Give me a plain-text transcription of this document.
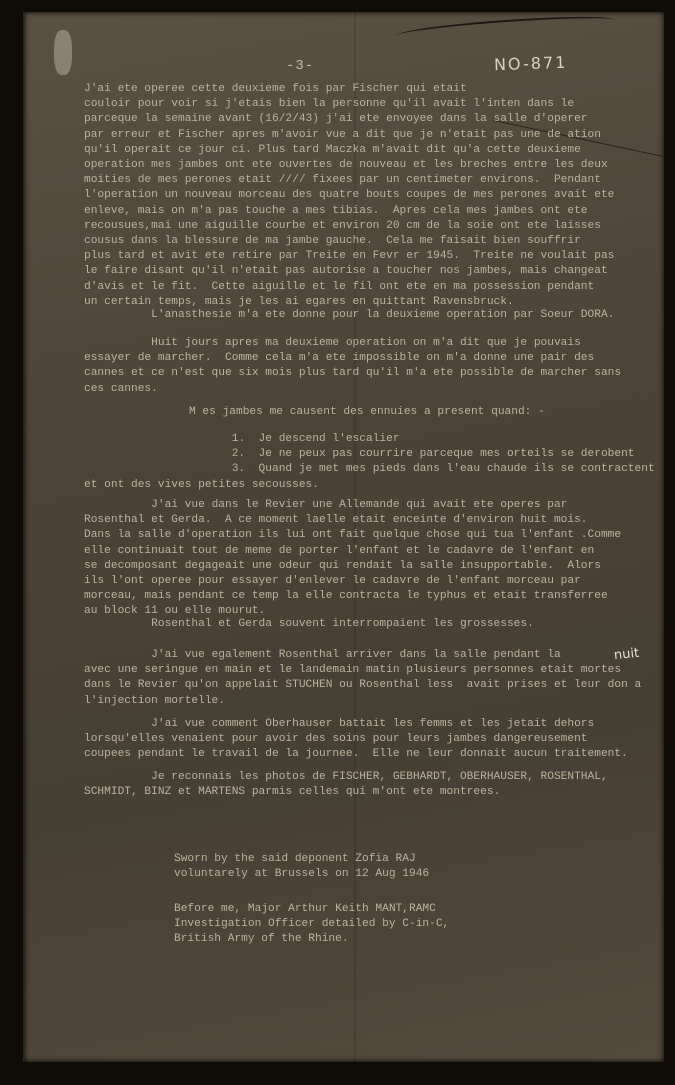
-3-	NO-871
J'ai ete operee cette deuxieme fois par Fischer qui etait
couloir pour voir si j'etais bien la personne qu'il avait l'inten dans le
parceque la semaine avant (16/2/43) j'ai ete envoyee dans la salle d'operer
par erreur et Fischer apres m'avoir vue a dit que je n'etait pas une de ation
qu'il operait ce jour ci. Plus tard Maczka m'avait dit qu'a cette deuxieme
operation mes jambes ont ete ouvertes de nouveau et les breches entre les deux
moities de mes perones etait //// fixees par un centimeter environs.  Pendant
l'operation un nouveau morceau des quatre bouts coupes de mes perones avait ete
enleve, mais on m'a pas touche a mes tibias.  Apres cela mes jambes ont ete
recousues,mai une aiguille courbe et environ 20 cm de la soie ont ete laisses
cousus dans la blessure de ma jambe gauche.  Cela me faisait bien souffrir
plus tard et avit ete retire par Treite en Fevr er 1945.  Treite ne voulait pas
le faire disant qu'il n'etait pas autorise a toucher nos jambes, mais changeat
d'avis et le fit.  Cette aiguille et le fil ont ete en ma possession pendant
un certain temps, mais je les ai egares en quittant Ravensbruck.
L'anasthesie m'a ete donne pour la deuxieme operation par Soeur DORA.
Huit jours apres ma deuxieme operation on m'a dit que je pouvais
essayer de marcher.  Comme cela m'a ete impossible on m'a donne une pair des
cannes et ce n'est que six mois plus tard qu'il m'a ete possible de marcher sans
ces cannes.
M es jambes me causent des ennuies a present quand: -
1.  Je descend l'escalier
2.  Je ne peux pas courrire parceque mes orteils se derobent
3.  Quand je met mes pieds dans l'eau chaude ils se contractent
et ont des vives petites secousses.
J'ai vue dans le Revier une Allemande qui avait ete operes par
Rosenthal et Gerda.  A ce moment laelle etait enceinte d'environ huit mois.
Dans la salle d'operation ils lui ont fait quelque chose qui tua l'enfant .Comme
elle continuait tout de meme de porter l'enfant et le cadavre de l'enfant en
se decomposant degageait une odeur qui rendait la salle insupportable.  Alors
ils l'ont operee pour essayer d'enlever le cadavre de l'enfant morceau par
morceau, mais pendant ce temp la elle contracta le typhus et etait transferree
au block 11 ou elle mourut.
Rosenthal et Gerda souvent interrompaient les grossesses.
J'ai vue egalement Rosenthal arriver dans la salle pendant la
avec une seringue en main et le landemain matin plusieurs personnes etait mortes
dans le Revier qu'on appelait STUCHEN ou Rosenthal less  avait prises et leur don a
l'injection mortelle.
nuit
J'ai vue comment Oberhauser battait les femms et les jetait dehors
lorsqu'elles venaient pour avoir des soins pour leurs jambes dangereusement
coupees pendant le travail de la journee.  Elle ne leur donnait aucun traitement.
Je reconnais les photos de FISCHER, GEBHARDT, OBERHAUSER, ROSENTHAL,
SCHMIDT, BINZ et MARTENS parmis celles qui m'ont ete montrees.
Sworn by the said deponent Zofia RAJ
voluntarely at Brussels on 12 Aug 1946
Before me, Major Arthur Keith MANT,RAMC
Investigation Officer detailed by C-in-C,
British Army of the Rhine.
